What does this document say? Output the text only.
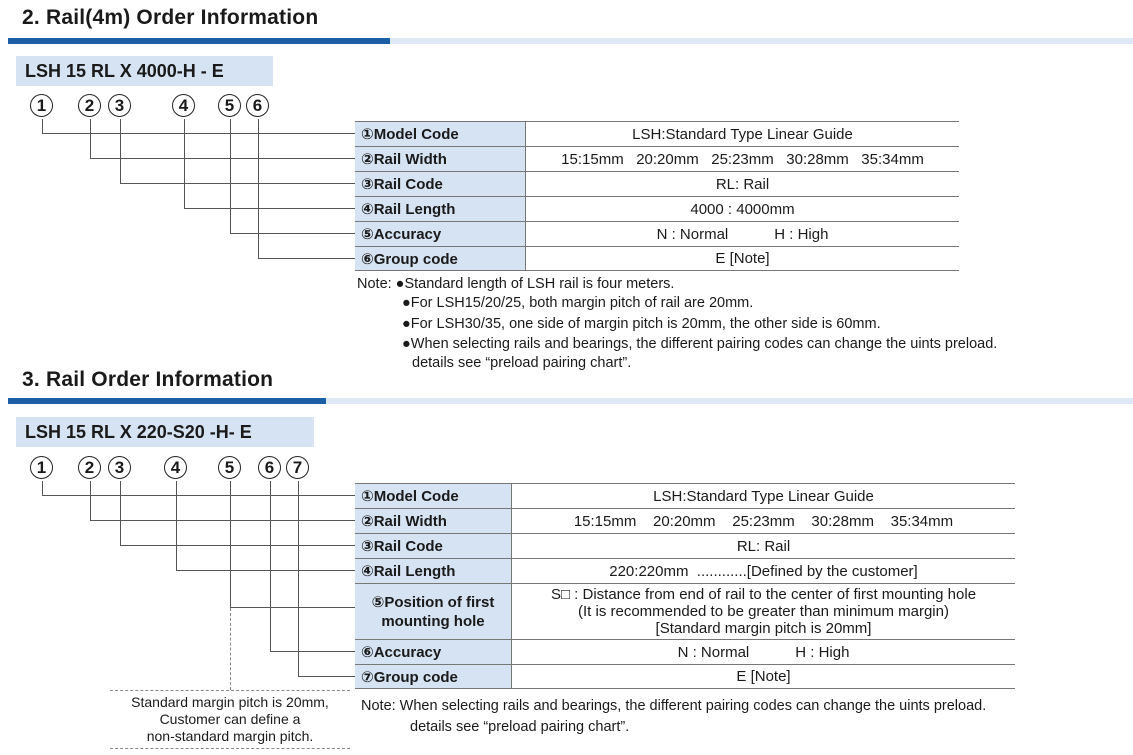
2. Rail(4m) Order Information
LSH 15 RL X 4000-H - E
1	2	3	4	5	6
①Model Code	LSH:Standard Type Linear Guide
②Rail Width	15:15mm   20:20mm   25:23mm   30:28mm   35:34mm
③Rail Code	RL: Rail
④Rail Length	4000 : 4000mm
⑤Accuracy	N : Normal	H : High
⑥Group code	E [Note]
Note: ●Standard length of LSH rail is four meters.
●For LSH15/20/25, both margin pitch of rail are 20mm.
●For LSH30/35, one side of margin pitch is 20mm, the other side is 60mm.
●When selecting rails and bearings, the different pairing codes can change the uints preload.
details see “preload pairing chart”.
3. Rail Order Information
LSH 15 RL X 220-S20 -H- E
1	2	3	4	5	6	7
Standard margin pitch is 20mm,
Customer can define a
non-standard margin pitch.
①Model Code	LSH:Standard Type Linear Guide
②Rail Width	15:15mm    20:20mm    25:23mm    30:28mm    35:34mm
③Rail Code	RL: Rail
④Rail Length	220:220mm  ............[Defined by the customer]
⑤Position of first mounting hole
S□ : Distance from end of rail to the center of first mounting hole
(It is recommended to be greater than minimum margin)
[Standard margin pitch is 20mm]
⑥Accuracy	N : Normal	H : High
⑦Group code	E [Note]
Note: When selecting rails and bearings, the different pairing codes can change the uints preload.
details see “preload pairing chart”.
